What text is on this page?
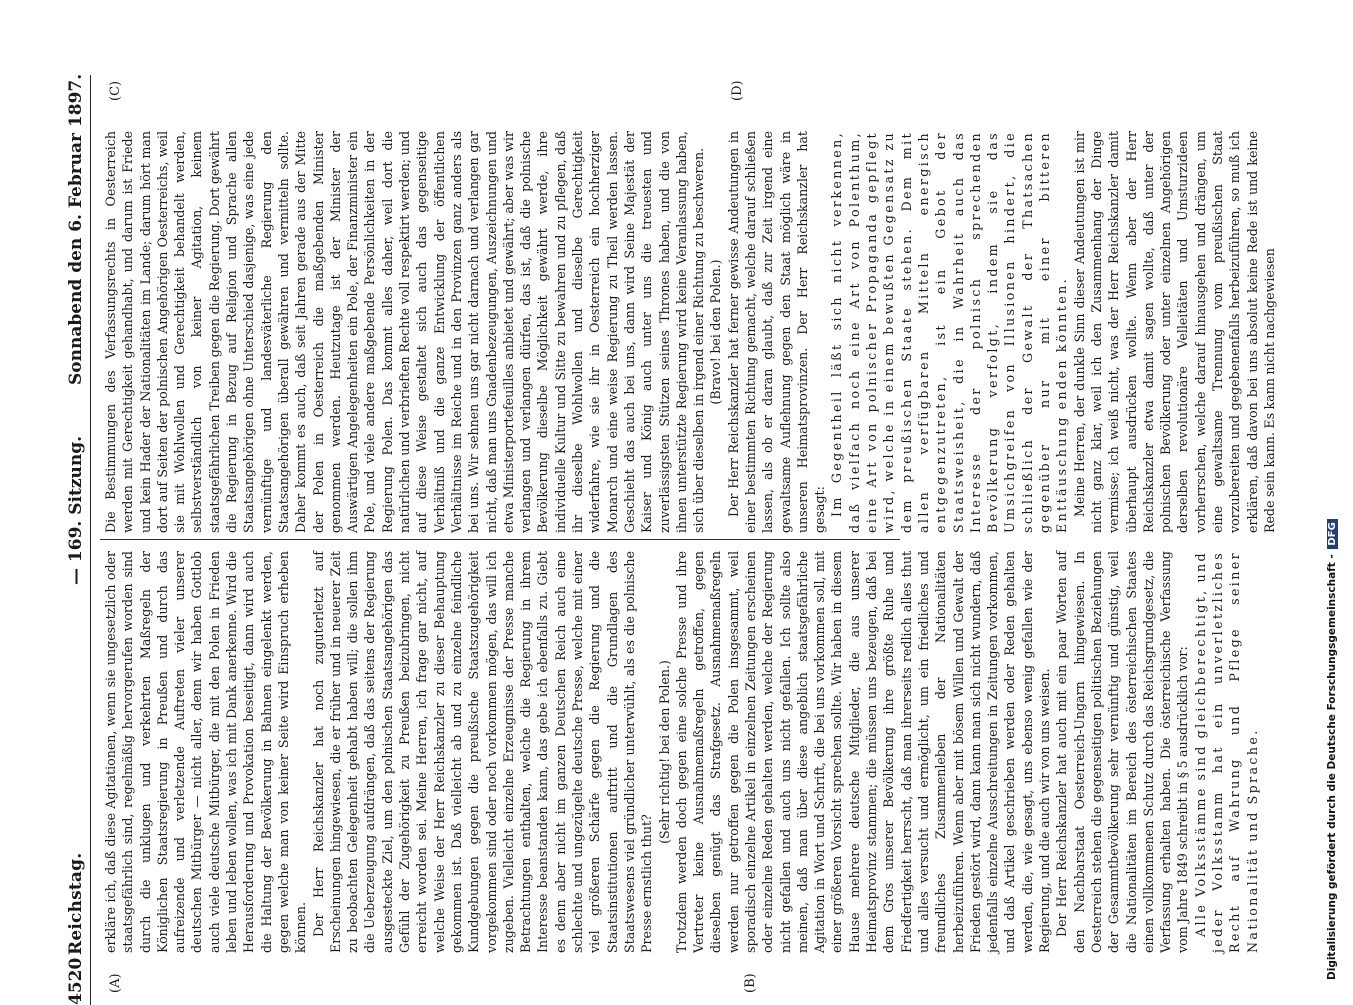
4520
Reichstag.
— 169. Sitzung.
Sonnabend den 6. Februar 1897.
(A)	(B)
(C)	(D)

erkläre ich, daß diese Agitationen, wenn sie ungesetzlich oder staatsgefährlich sind, regelmäßig hervorgerufen worden sind durch die unklugen und verkehrten Maßregeln der Königlichen Staatsregierung in Preußen und durch das aufreizende und verletzende Auftreten vieler unserer deutschen Mitbürger — nicht aller, denn wir haben Gottlob auch viele deutsche Mitbürger, die mit den Polen in Frieden leben und leben wollen, was ich mit Dank anerkenne. Wird die Herausforderung und Provokation beseitigt, dann wird auch die Haltung der Bevölkerung in Bahnen eingelenkt werden, gegen welche man von keiner Seite wird Einspruch erheben können. Der Herr Reichskanzler hat noch zuguterletzt auf Erscheinungen hingewiesen, die er früher und in neuerer Zeit zu beobachten Gelegenheit gehabt haben will; die sollen ihm die Ueberzeugung aufdrängen, daß das seitens der Regierung ausgesteckte Ziel, um den polnischen Staatsangehörigen das Gefühl der Zugehörigkeit zu Preußen beizubringen, nicht erreicht worden sei. Meine Herren, ich frage gar nicht, auf welche Weise der Herr Reichskanzler zu dieser Behauptung gekommen ist. Daß vielleicht ab und zu einzelne feindliche Kundgebungen gegen die preußische Staatszugehörigkeit vorgekommen sind oder noch vorkommen mögen, das will ich zugeben. Vielleicht einzelne Erzeugnisse der Presse manche Betrachtungen enthalten, welche die Regierung in ihrem Interesse beanstanden kann, das gebe ich ebenfalls zu. Giebt es denn aber nicht im ganzen Deutschen Reich auch eine schlechte und ungezügelte deutsche Presse, welche mit einer viel größeren Schärfe gegen die Regierung und die Staatsinstitutionen auftritt und die Grundlagen des Staatswesens viel gründlicher unterwühlt, als es die polnische Presse ernstlich thut?

(Sehr richtig! bei den Polen.) Trotzdem werden doch gegen eine solche Presse und ihre Vertreter keine Ausnahmemaßregeln getroffen, gegen dieselben genügt das Strafgesetz. Ausnahmemaßregeln werden nur getroffen gegen die Polen insgesammt, weil sporadisch einzelne Artikel in einzelnen Zeitungen erscheinen oder einzelne Reden gehalten werden, welche der Regierung nicht gefallen und auch uns nicht gefallen. Ich sollte also meinen, daß man über diese angeblich staatsgefährliche Agitation in Wort und Schrift, die bei uns vorkommen soll, mit einer größeren Vorsicht sprechen sollte. Wir haben in diesem Hause mehrere deutsche Mitglieder, die aus unserer Heimatsprovinz stammen; die müssen uns bezeugen, daß bei dem Gros unserer Bevölkerung ihre größte Ruhe und Friedfertigkeit herrscht, daß man ihrerseits redlich alles thut und alles versucht und ermöglicht, um ein friedliches und freundliches Zusammenleben der Nationalitäten herbeizuführen. Wenn aber mit bösem Willen und Gewalt der Frieden gestört wird, dann kann man sich nicht wundern, daß jedenfalls einzelne Ausschreitungen in Zeitungen vorkommen, und daß Artikel geschrieben werden oder Reden gehalten werden, die, wie gesagt, uns ebenso wenig gefallen wie der Regierung, und die auch wir von uns weisen. Der Herr Reichskanzler hat auch mit ein paar Worten auf den Nachbarstaat Oesterreich-Ungarn hingewiesen. In Oesterreich stehen die gegenseitigen politischen Beziehungen der Gesammtbevölkerung sehr vernünftig und günstig, weil die Nationalitäten im Bereich des österreichischen Staates einen vollkommenen Schutz durch das Reichsgrundgesetz, die Verfassung erhalten haben. Die österreichische Verfassung vom Jahre 1849 schreibt in § 5 ausdrücklich vor: Alle Volksstämme sind gleichberechtigt, und jeder Volksstamm hat ein unverletzliches Recht auf Wahrung und Pflege seiner Nationalität und Sprache.

Die Bestimmungen des Verfassungsrechts in Oesterreich werden mit Gerechtigkeit gehandhabt, und darum ist Friede und kein Hader der Nationalitäten im Lande; darum hört man dort auf Seiten der polnischen Angehörigen Oesterreichs, weil sie mit Wohlwollen und Gerechtigkeit behandelt werden, selbstverständlich von keiner Agitation, keinem staatsgefährlichen Treiben gegen die Regierung. Dort gewährt die Regierung in Bezug auf Religion und Sprache allen Staatsangehörigen ohne Unterschied dasjenige, was eine jede vernünftige und landesväterliche Regierung den Staatsangehörigen überall gewähren und vermitteln sollte. Daher kommt es auch, daß seit Jahren gerade aus der Mitte der Polen in Oesterreich die maßgebenden Minister genommen werden. Heutzutage ist der Minister der Auswärtigen Angelegenheiten ein Pole, der Finanzminister ein Pole, und viele andere maßgebende Persönlichkeiten in der Regierung Polen. Das kommt alles daher, weil dort die natürlichen und verbrieften Rechte voll respektirt werden; und auf diese Weise gestaltet sich auch das gegenseitige Verhältniß und die ganze Entwicklung der öffentlichen Verhältnisse im Reiche und in den Provinzen ganz anders als bei uns. Wir sehnen uns gar nicht darnach und verlangen gar nicht, daß man uns Gnadenbezeugungen, Auszeichnungen und etwa Ministerportefeuilles anbietet und gewährt; aber was wir verlangen und verlangen dürfen, das ist, daß die polnische Bevölkerung dieselbe Möglichkeit gewährt werde, ihre individuelle Kultur und Sitte zu bewahren und zu pflegen, daß ihr dieselbe Wohlwollen und dieselbe Gerechtigkeit widerfahre, wie sie ihr in Oesterreich ein hochherziger Monarch und eine weise Regierung zu Theil werden lassen. Geschieht das auch bei uns, dann wird Seine Majestät der Kaiser und König auch unter uns die treuesten und zuverlässigsten Stützen seines Thrones haben, und die von ihnen unterstützte Regierung wird keine Veranlassung haben, sich über dieselben in irgend einer Richtung zu beschweren. (Bravo! bei den Polen.) Der Herr Reichskanzler hat ferner gewisse Andeutungen in einer bestimmten Richtung gemacht, welche darauf schließen lassen, als ob er daran glaubt, daß zur Zeit irgend eine gewaltsame Auflehnung gegen den Staat möglich wäre in unseren Heimatsprovinzen. Der Herr Reichskanzler hat gesagt: Im Gegentheil läßt sich nicht verkennen, daß vielfach noch eine Art von Polenthum, eine Art von polnischer Propaganda gepflegt wird, welche in einem bewußten Gegensatz zu dem preußischen Staate stehen. Dem mit allen verfügbaren Mitteln energisch entgegenzutreten, ist ein Gebot der Staatsweisheit, die in Wahrheit auch das Interesse der polnisch sprechenden Bevölkerung verfolgt, indem sie das Umsichgreifen von Illusionen hindert, die schließlich der Gewalt der Thatsachen gegenüber nur mit einer bitteren Enttäuschung enden könnten. Meine Herren, der dunkle Sinn dieser Andeutungen ist mir nicht ganz klar, weil ich den Zusammenhang der Dinge vermisse; ich weiß nicht, was der Herr Reichskanzler damit überhaupt ausdrücken wollte. Wenn aber der Herr Reichskanzler etwa damit sagen wollte, daß unter der polnischen Bevölkerung oder unter einzelnen Angehörigen derselben revolutionäre Velleitäten und Umsturzideen vorherrschen, welche darauf hinausgehen und drängen, um eine gewaltsame Trennung vom preußischen Staat vorzubereiten und gegebenenfalls herbeizuführen, so muß ich erklären, daß davon bei uns absolut keine Rede ist und keine Rede sein kann. Es kann nicht nachgewiesen

Digitalisierung gefördert durch die Deutsche Forschungsgemeinschaft - DFG
